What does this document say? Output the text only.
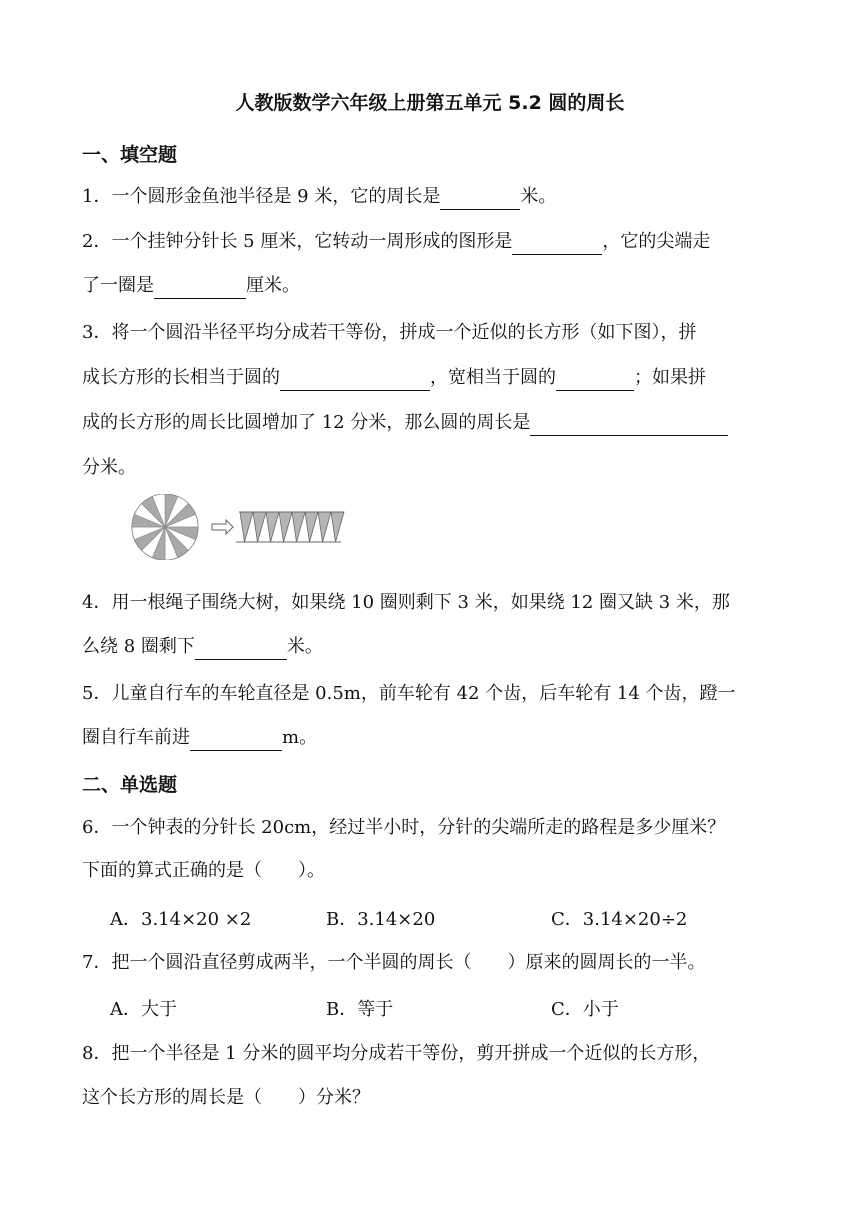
人教版数学六年级上册第五单元 5.2 圆的周长
一、填空题
1．一个圆形金鱼池半径是 9 米，它的周长是	米。
2．一个挂钟分针长 5 厘米，它转动一周形成的图形是	，它的尖端走
了一圈是	厘米。
3．将一个圆沿半径平均分成若干等份，拼成一个近似的长方形（如下图），拼
成长方形的长相当于圆的	，宽相当于圆的	；如果拼
成的长方形的周长比圆增加了 12 分米，那么圆的周长是
分米。
4．用一根绳子围绕大树，如果绕 10 圈则剩下 3 米，如果绕 12 圈又缺 3 米，那
么绕 8 圈剩下	米。
5．儿童自行车的车轮直径是 0.5m，前车轮有 42 个齿，后车轮有 14 个齿，蹬一
圈自行车前进	m。
二、单选题
6．一个钟表的分针长 20cm，经过半小时，分针的尖端所走的路程是多少厘米？
下面的算式正确的是（　　）。
A．3.14×20 ×2	B．3.14×20	C．3.14×20÷2
7．把一个圆沿直径剪成两半，一个半圆的周长（　　）原来的圆周长的一半。
A．大于	B．等于	C．小于
8．把一个半径是 1 分米的圆平均分成若干等份，剪开拼成一个近似的长方形，
这个长方形的周长是（　　）分米？
